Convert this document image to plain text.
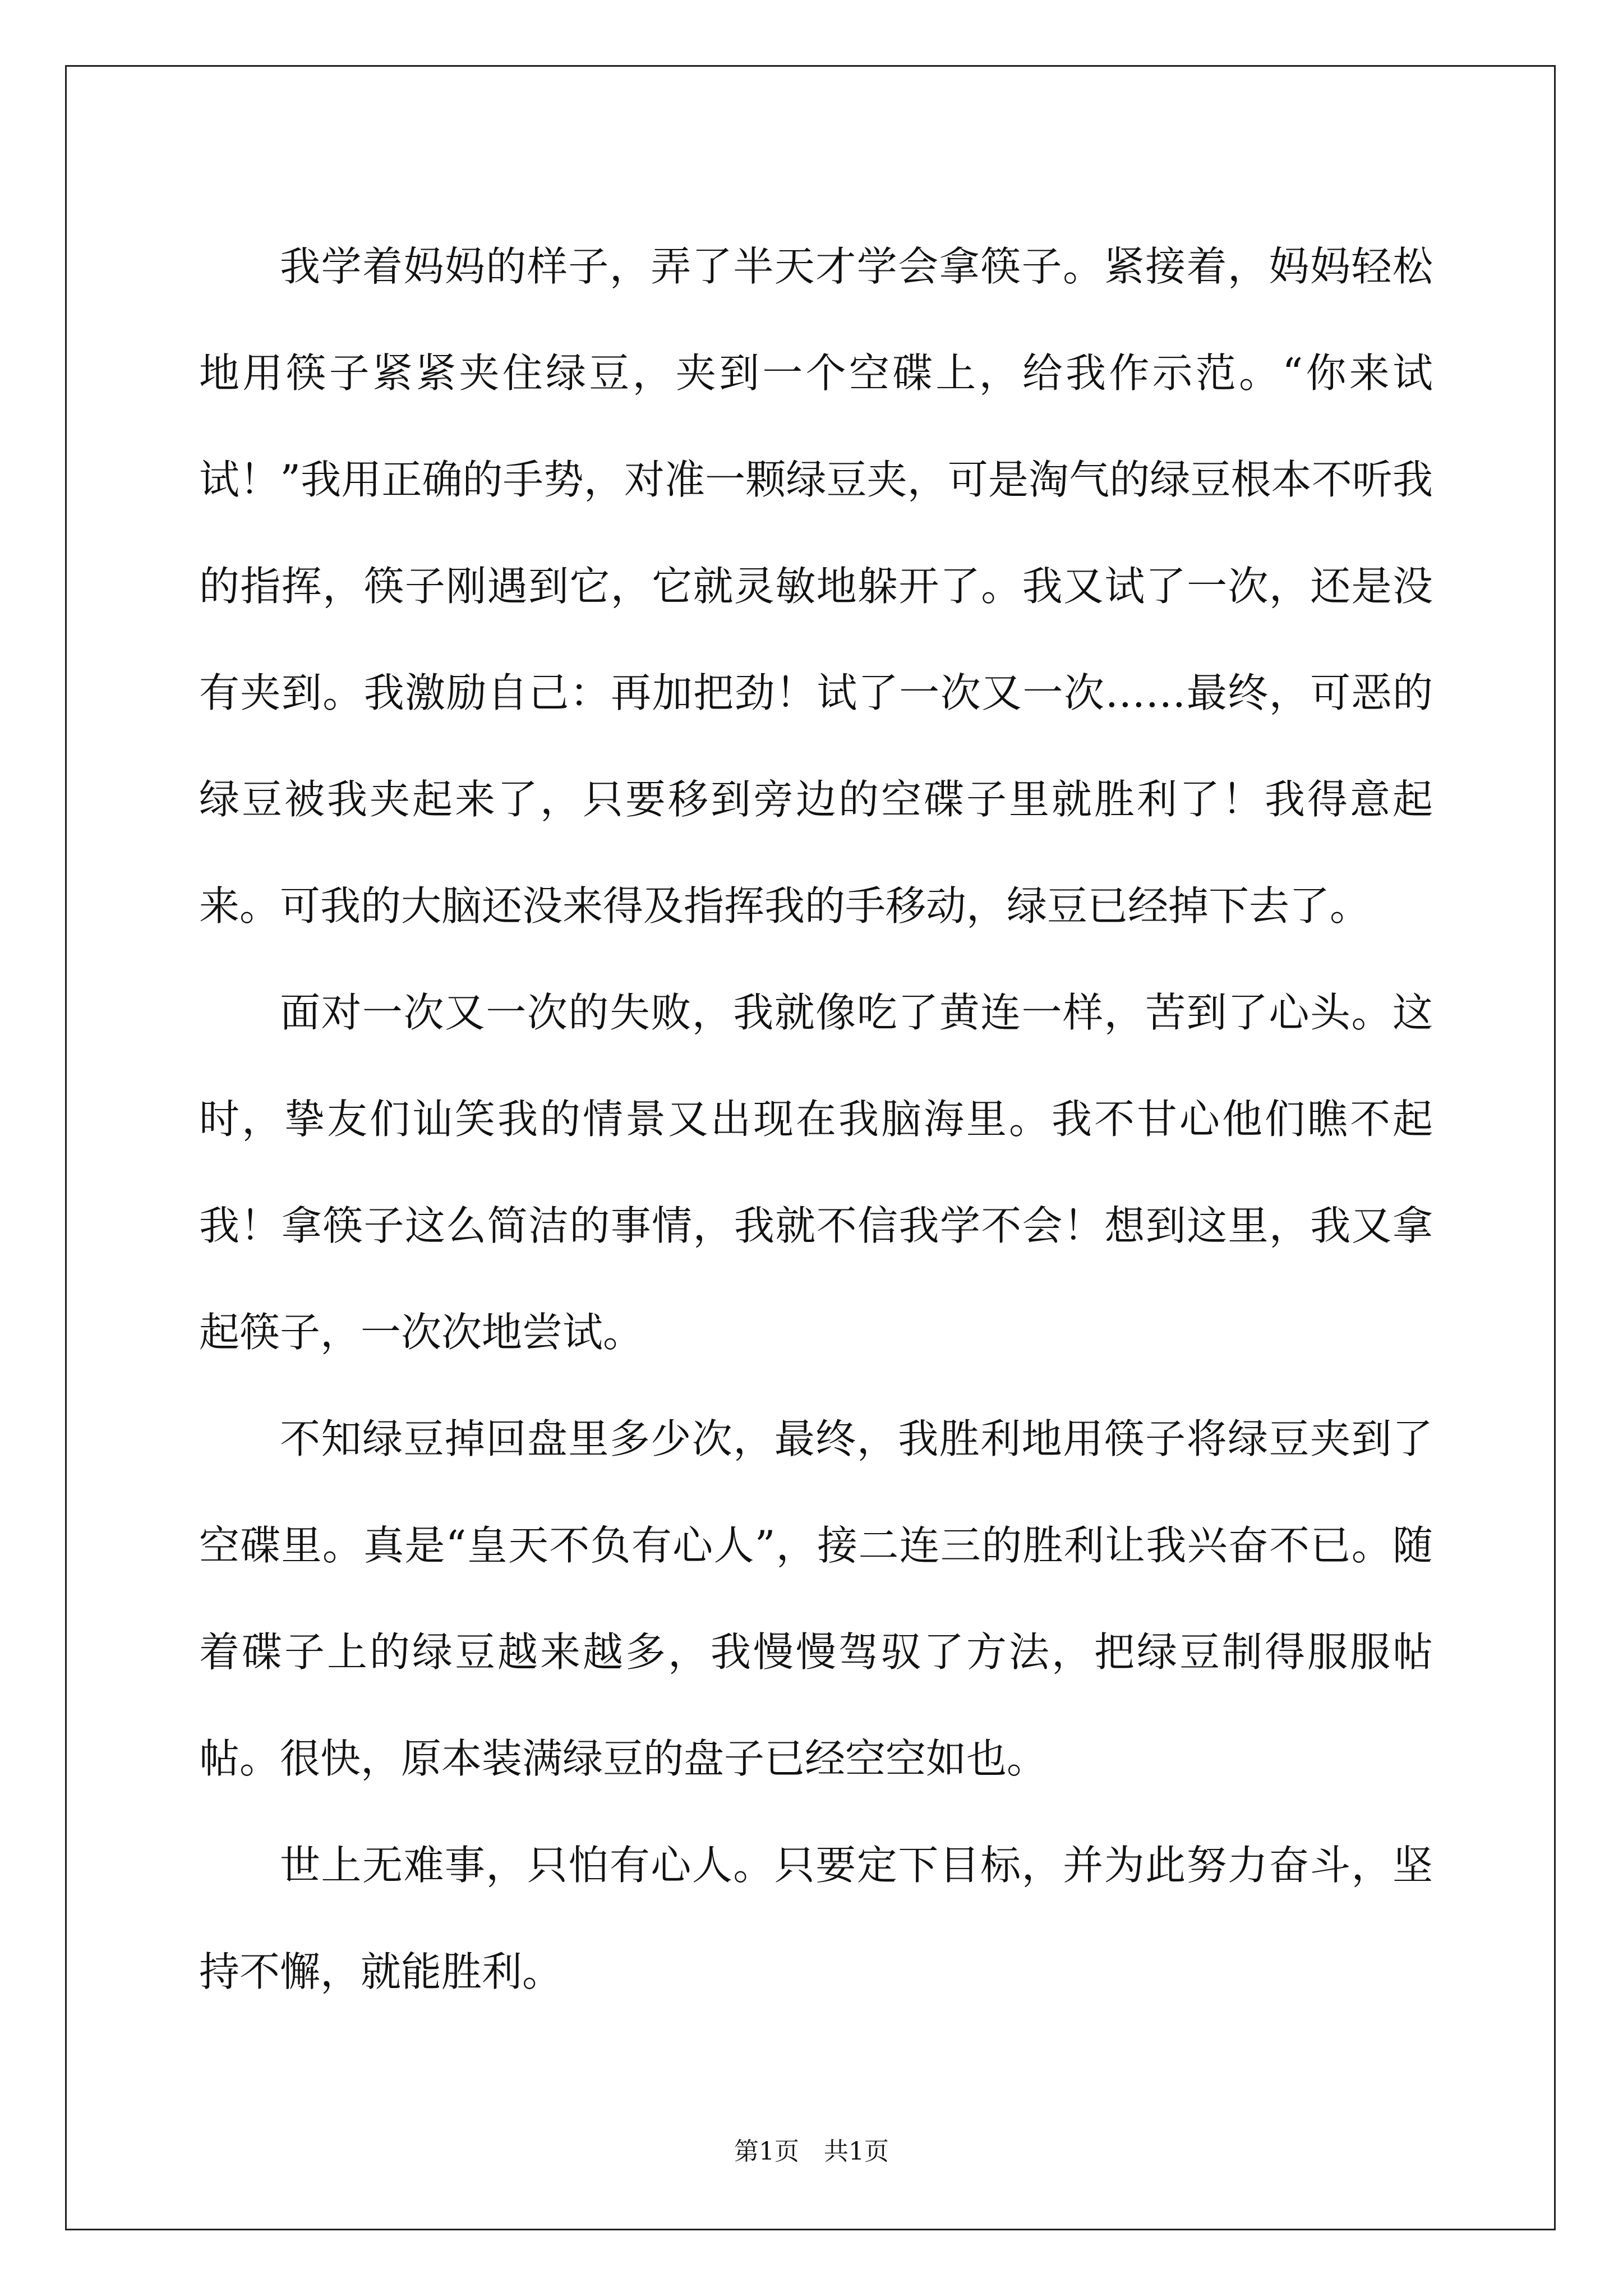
我学着妈妈的样子，弄了半天才学会拿筷子。紧接着，妈妈轻松地用筷子紧紧夹住绿豆，夹到一个空碟上，给我作示范。“你来试试！”我用正确的手势，对准一颗绿豆夹，可是淘气的绿豆根本不听我的指挥，筷子刚遇到它，它就灵敏地躲开了。我又试了一次，还是没有夹到。我激励自己：再加把劲！试了一次又一次……最终，可恶的绿豆被我夹起来了，只要移到旁边的空碟子里就胜利了！我得意起来。可我的大脑还没来得及指挥我的手移动，绿豆已经掉下去了。

面对一次又一次的失败，我就像吃了黄连一样，苦到了心头。这时，挚友们讪笑我的情景又出现在我脑海里。我不甘心他们瞧不起我！拿筷子这么简洁的事情，我就不信我学不会！想到这里，我又拿起筷子，一次次地尝试。

不知绿豆掉回盘里多少次，最终，我胜利地用筷子将绿豆夹到了空碟里。真是“皇天不负有心人”，接二连三的胜利让我兴奋不已。随着碟子上的绿豆越来越多，我慢慢驾驭了方法，把绿豆制得服服帖帖。很快，原本装满绿豆的盘子已经空空如也。

世上无难事，只怕有心人。只要定下目标，并为此努力奋斗，坚持不懈，就能胜利。

第1页　共1页
